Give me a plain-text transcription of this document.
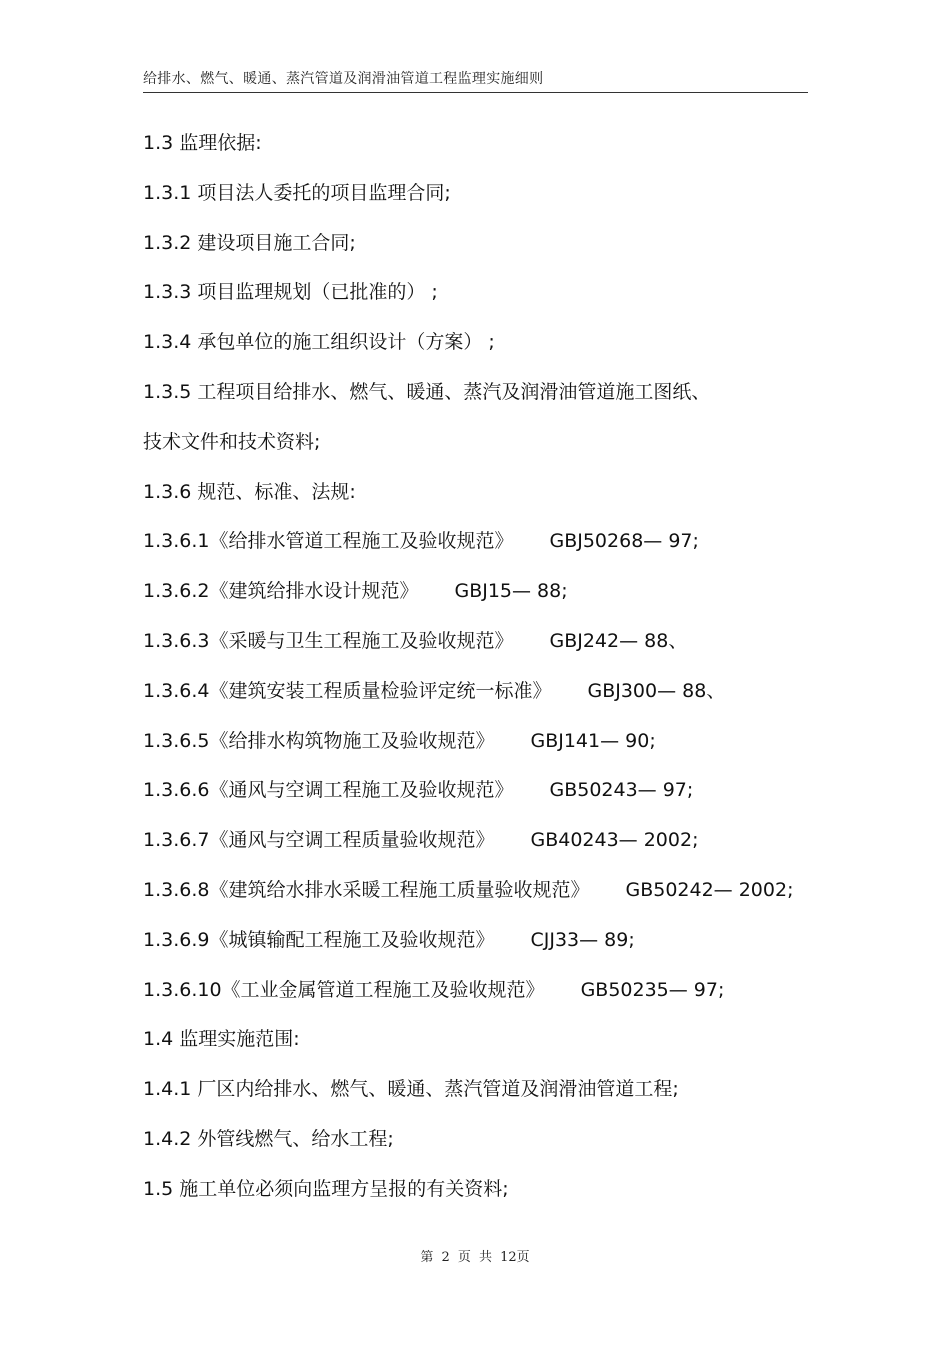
给排水、燃气、暖通、蒸汽管道及润滑油管道工程监理实施细则
1.3 监理依据:
1.3.1 项目法人委托的项目监理合同;
1.3.2 建设项目施工合同;
1.3.3 项目监理规划（已批准的） ;
1.3.4 承包单位的施工组织设计（方案） ;
1.3.5 工程项目给排水、燃气、暖通、蒸汽及润滑油管道施工图纸、
技术文件和技术资料;
1.3.6 规范、标准、法规:
1.3.6.1《给排水管道工程施工及验收规范》 GBJ50268— 97;
1.3.6.2《建筑给排水设计规范》 GBJ15— 88;
1.3.6.3《采暖与卫生工程施工及验收规范》 GBJ242— 88、
1.3.6.4《建筑安装工程质量检验评定统一标准》 GBJ300— 88、
1.3.6.5《给排水构筑物施工及验收规范》 GBJ141— 90;
1.3.6.6《通风与空调工程施工及验收规范》 GB50243— 97;
1.3.6.7《通风与空调工程质量验收规范》 GB40243— 2002;
1.3.6.8《建筑给水排水采暖工程施工质量验收规范》 GB50242— 2002;
1.3.6.9《城镇输配工程施工及验收规范》 CJJ33— 89;
1.3.6.10《工业金属管道工程施工及验收规范》 GB50235— 97;
1.4 监理实施范围:
1.4.1 厂区内给排水、燃气、暖通、蒸汽管道及润滑油管道工程;
1.4.2 外管线燃气、给水工程;
1.5 施工单位必须向监理方呈报的有关资料;
第 2 页 共 12页
